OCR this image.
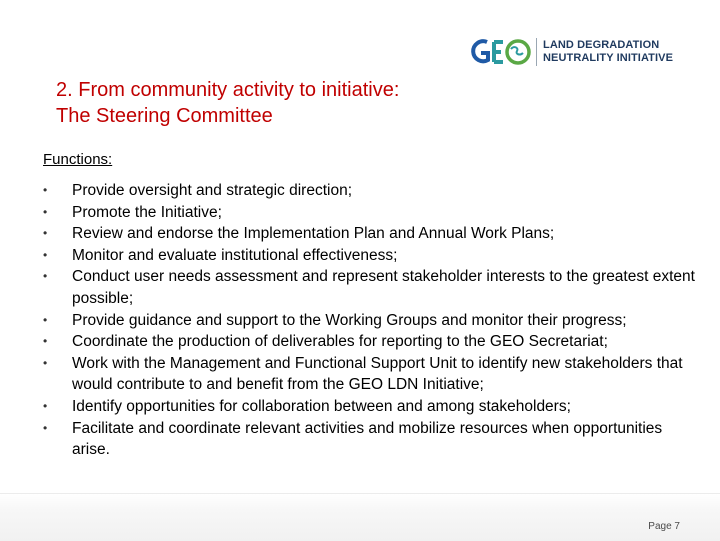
LAND DEGRADATION
NEUTRALITY INITIATIVE
2. From community activity to initiative:
The Steering Committee
Functions:
• Provide oversight and strategic direction;
• Promote the Initiative;
• Review and endorse the Implementation Plan and Annual Work Plans;
• Monitor and evaluate institutional effectiveness;
• Conduct user needs assessment and represent stakeholder interests to the greatest extent possible;
• Provide guidance and support to the Working Groups and monitor their progress;
• Coordinate the production of deliverables for reporting to the GEO Secretariat;
• Work with the Management and Functional Support Unit to identify new stakeholders that would contribute to and benefit from the GEO LDN Initiative;
• Identify opportunities for collaboration between and among stakeholders;
• Facilitate and coordinate relevant activities and mobilize resources when opportunities arise.
Page 7
